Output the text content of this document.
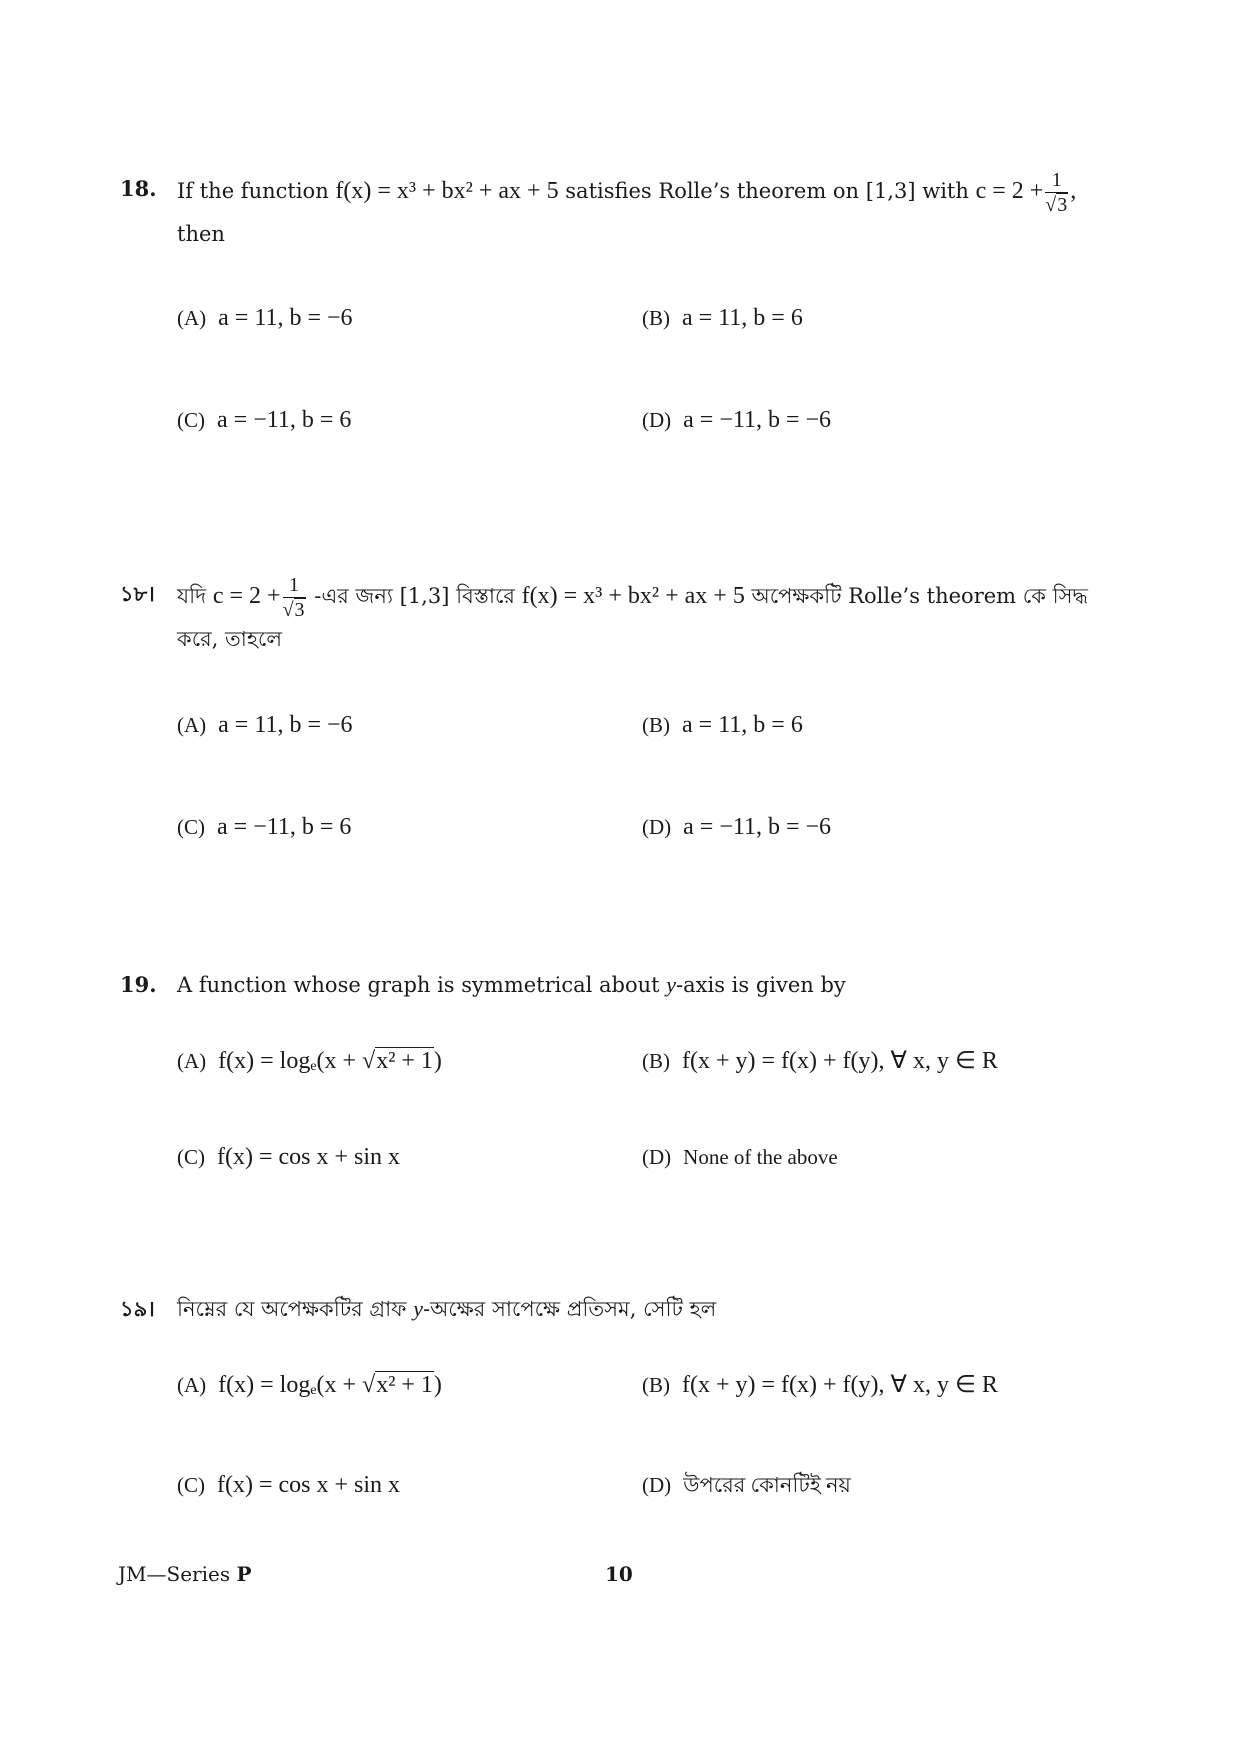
18. If the function f(x) = x³ + bx² + ax + 5 satisfies Rolle’s theorem on [1,3] with $c = 2 + \frac{1}{√3}$ ,
then
(A) a = 11, b = −6	(B) a = 11, b = 6
(C) a = −11, b = 6	(D) a = −11, b = −6
১৮। যদি $c = 2 + \frac{1}{√3}$ -এর জন্য [1,3] বিস্তারে f(x) = x³ + bx² + ax + 5 অপেক্ষকটি Rolle’s theorem কে সিদ্ধ করে, তাহলে
(A) a = 11, b = −6	(B) a = 11, b = 6
(C) a = −11, b = 6	(D) a = −11, b = −6
19. A function whose graph is symmetrical about y-axis is given by
(A) f(x) = logₑ(x + √x² + 1)	(B) f(x + y) = f(x) + f(y), ∀ x, y ∈ R
(C) f(x) = cos x + sin x	(D) None of the above
১৯। নিম্নের যে অপেক্ষকটির গ্রাফ y-অক্ষের সাপেক্ষে প্রতিসম, সেটি হল
(A) f(x) = logₑ(x + √x² + 1)	(B) f(x + y) = f(x) + f(y), ∀ x, y ∈ R
(C) f(x) = cos x + sin x	(D) উপরের কোনটিই নয়
JM—Series P	10
